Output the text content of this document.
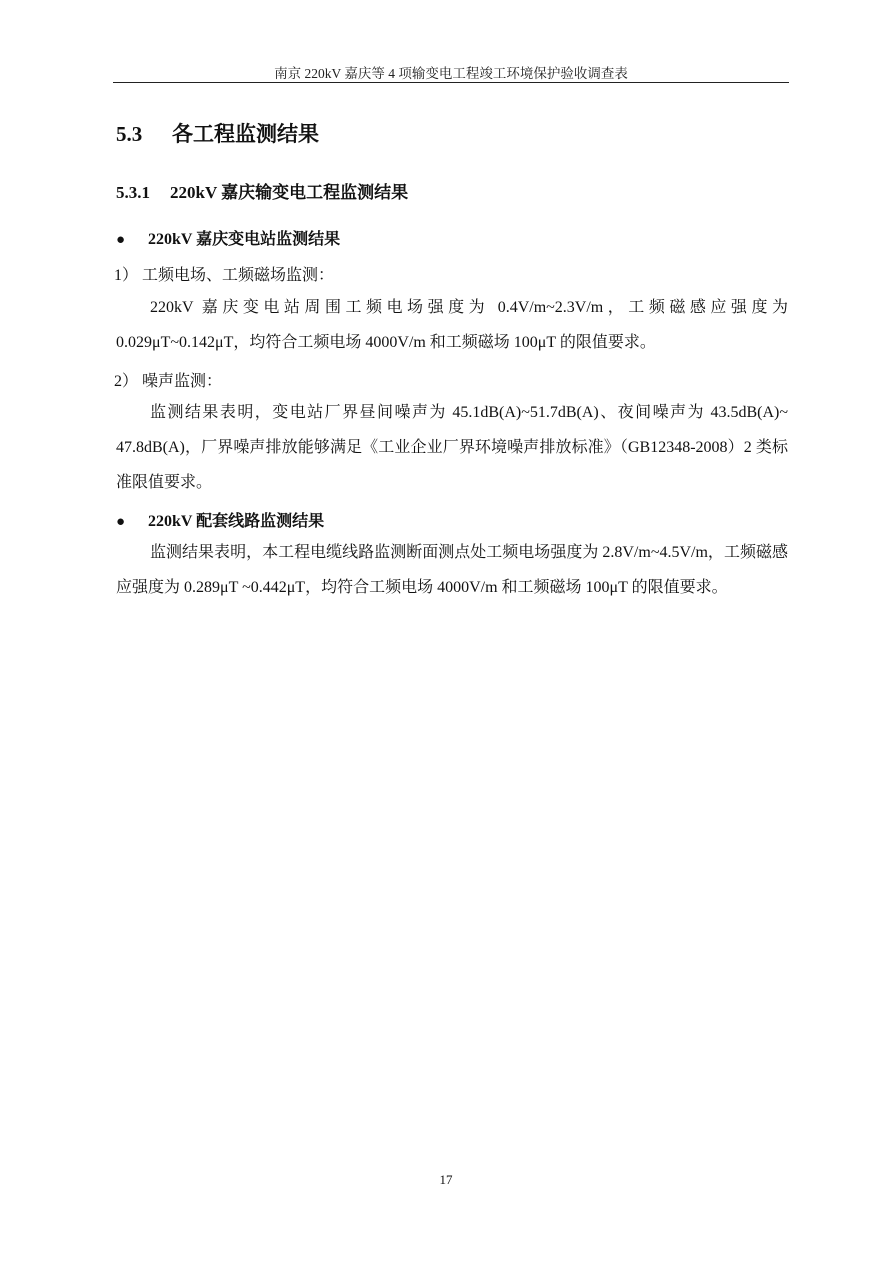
南京 220kV 嘉庆等 4 项输变电工程竣工环境保护验收调查表
5.3 各工程监测结果
5.3.1 220kV 嘉庆输变电工程监测结果
● 220kV 嘉庆变电站监测结果
1） 工频电场、工频磁场监测：
220kV 嘉庆变电站周围工频电场强度为 0.4V/m~2.3V/m，工频磁感应强度为 0.029μT~0.142μT，均符合工频电场 4000V/m 和工频磁场 100μT 的限值要求。
2） 噪声监测：
监测结果表明，变电站厂界昼间噪声为 45.1dB(A)~51.7dB(A)、夜间噪声为 43.5dB(A)~ 47.8dB(A)，厂界噪声排放能够满足《工业企业厂界环境噪声排放标准》（GB12348-2008）2 类标准限值要求。
● 220kV 配套线路监测结果
监测结果表明，本工程电缆线路监测断面测点处工频电场强度为 2.8V/m~4.5V/m，工频磁感应强度为 0.289μT ~0.442μT，均符合工频电场 4000V/m 和工频磁场 100μT 的限值要求。
17
